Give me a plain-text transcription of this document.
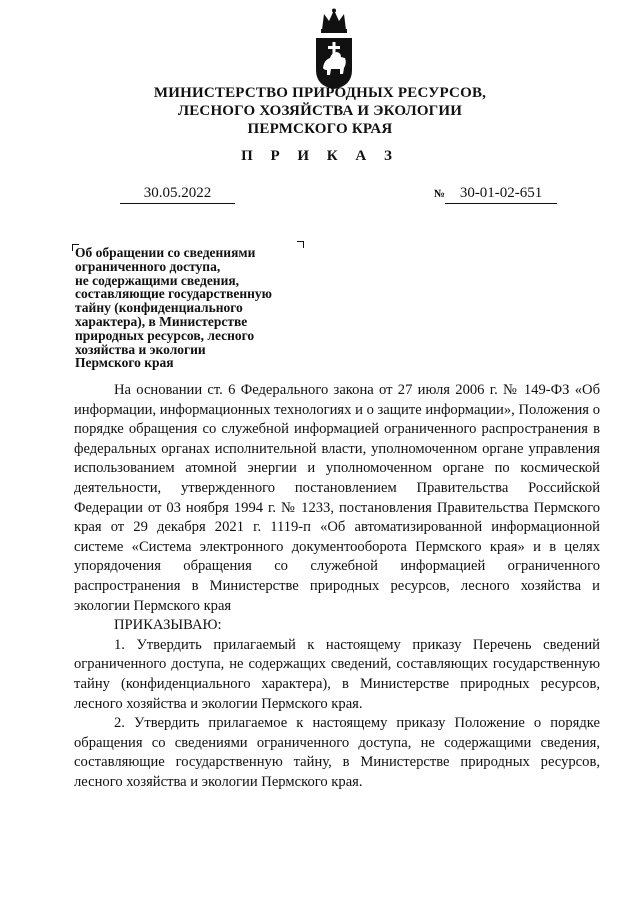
МИНИСТЕРСТВО ПРИРОДНЫХ РЕСУРСОВ,
ЛЕСНОГО ХОЗЯЙСТВА И ЭКОЛОГИИ
ПЕРМСКОГО КРАЯ
П Р И К А З
30.05.2022	№ 30-01-02-651
Об обращении со сведениями
ограниченного доступа,
не содержащими сведения,
составляющие государственную
тайну (конфиденциального
характера), в Министерстве
природных ресурсов, лесного
хозяйства и экологии
Пермского края

На основании ст. 6 Федерального закона от 27 июля 2006 г. № 149-ФЗ «Об информации, информационных технологиях и о защите информации», Положения о порядке обращения со служебной информацией ограниченного распространения в федеральных органах исполнительной власти, уполномоченном органе управления использованием атомной энергии и уполномоченном органе по космической деятельности, утвержденного постановлением Правительства Российской Федерации от 03 ноября 1994 г. № 1233, постановления Правительства Пермского края от 29 декабря 2021 г. 1119-п «Об автоматизированной информационной системе «Система электронного документооборота Пермского края» и в целях упорядочения обращения со служебной информацией ограниченного распространения в Министерстве природных ресурсов, лесного хозяйства и экологии Пермского края

ПРИКАЗЫВАЮ:

1. Утвердить прилагаемый к настоящему приказу Перечень сведений ограниченного доступа, не содержащих сведений, составляющих государственную тайну (конфиденциального характера), в Министерстве природных ресурсов, лесного хозяйства и экологии Пермского края.

2. Утвердить прилагаемое к настоящему приказу Положение о порядке обращения со сведениями ограниченного доступа, не содержащими сведения, составляющие государственную тайну, в Министерстве природных ресурсов, лесного хозяйства и экологии Пермского края.
